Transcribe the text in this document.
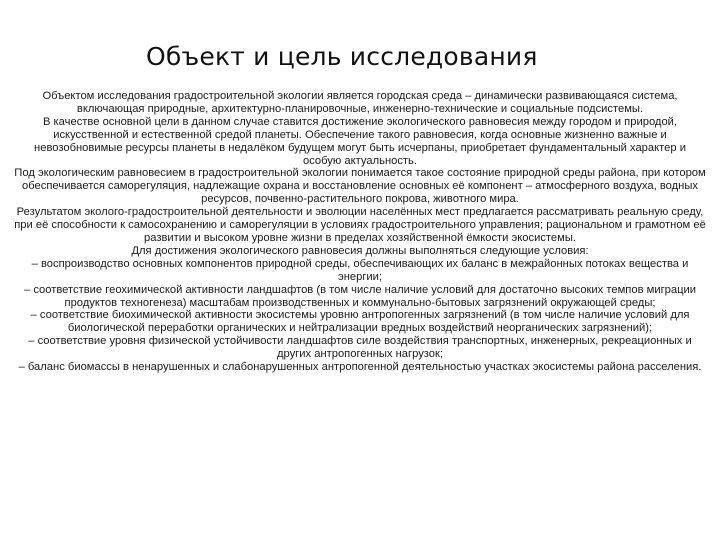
Объект и цель исследования

Объектом исследования градостроительной экологии является городская среда – динамически развивающаяся система, включающая природные, архитектурно-планировочные, инженерно-технические и социальные подсистемы.

В качестве основной цели в данном случае ставится достижение экологического равновесия между городом и природой, искусственной и естественной средой планеты. Обеспечение такого равновесия, когда основные жизненно важные и невозобновимые ресурсы планеты в недалёком будущем могут быть исчерпаны, приобретает фундаментальный характер и особую актуальность.

Под экологическим равновесием в градостроительной экологии понимается такое состояние природной среды района, при котором обеспечивается саморегуляция, надлежащие охрана и восстановление основных её компонент – атмосферного воздуха, водных ресурсов, почвенно-растительного покрова, животного мира.

Результатом эколого-градостроительной деятельности и эволюции населённых мест предлагается рассматривать реальную среду, при её способности к самосохранению и саморегуляции в условиях градостроительного управления; рациональном и грамотном её развитии и высоком уровне жизни в пределах хозяйственной ёмкости экосистемы.

Для достижения экологического равновесия должны выполняться следующие условия:

– воспроизводство основных компонентов природной среды, обеспечивающих их баланс в межрайонных потоках вещества и энергии;

– соответствие геохимической активности ландшафтов (в том числе наличие условий для достаточно высоких темпов миграции продуктов техногенеза) масштабам производственных и коммунально-бытовых загрязнений окружающей среды;

– соответствие биохимической активности экосистемы уровню антропогенных загрязнений (в том числе наличие условий для биологической переработки органических и нейтрализации вредных воздействий неорганических загрязнений);

– соответствие уровня физической устойчивости ландшафтов силе воздействия транспортных, инженерных, рекреационных и других антропогенных нагрузок;

– баланс биомассы в ненарушенных и слабонарушенных антропогенной деятельностью участках экосистемы района расселения.
